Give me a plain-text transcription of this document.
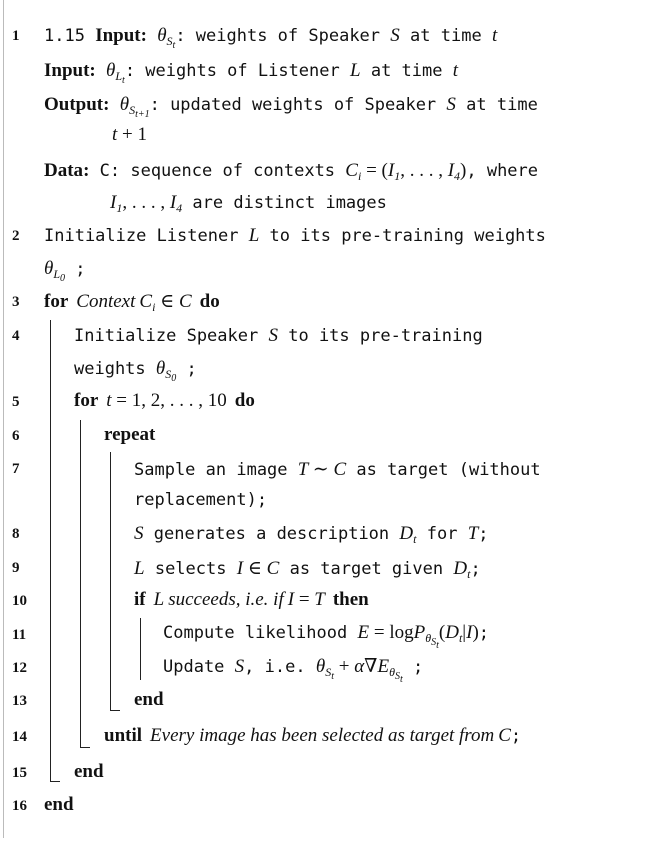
1	1.15 Input: $\theta_{S_t}$: weights of Speaker S at time t
Input: $\theta_{L_t}$: weights of Listener L at time t
Output: $\theta_{S_{t+1}}$: updated weights of Speaker S at time
t + 1
Data: C: sequence of contexts $C_i = (I_1$, . . . , $I_4$), where
$I_1$, . . . , $I_4$ are distinct images
2	Initialize Listener L to its pre-training weights
$\theta_{L_0}$ ;
3	for Context $C_i$ ∈ C do
4	Initialize Speaker S to its pre-training
weights $\theta_{S_0}$ ;
5	for t = 1, 2, . . . , 10 do
6	repeat
7	Sample an image T ∼ C as target (without
replacement);
8	S generates a description $D_t$ for T;
9	L selects I ∈ C as target given $D_t$;
10	if L succeeds, i.e. if I = T then
11	Compute likelihood $E = \log P_{\theta_{S_t}}(D_t|I)$;
12	Update S, i.e. $\theta_{S_t} + \alpha\nabla E_{\theta_{S_t}}$ ;
13	end
14	until Every image has been selected as target from C;
15	end
16 end
